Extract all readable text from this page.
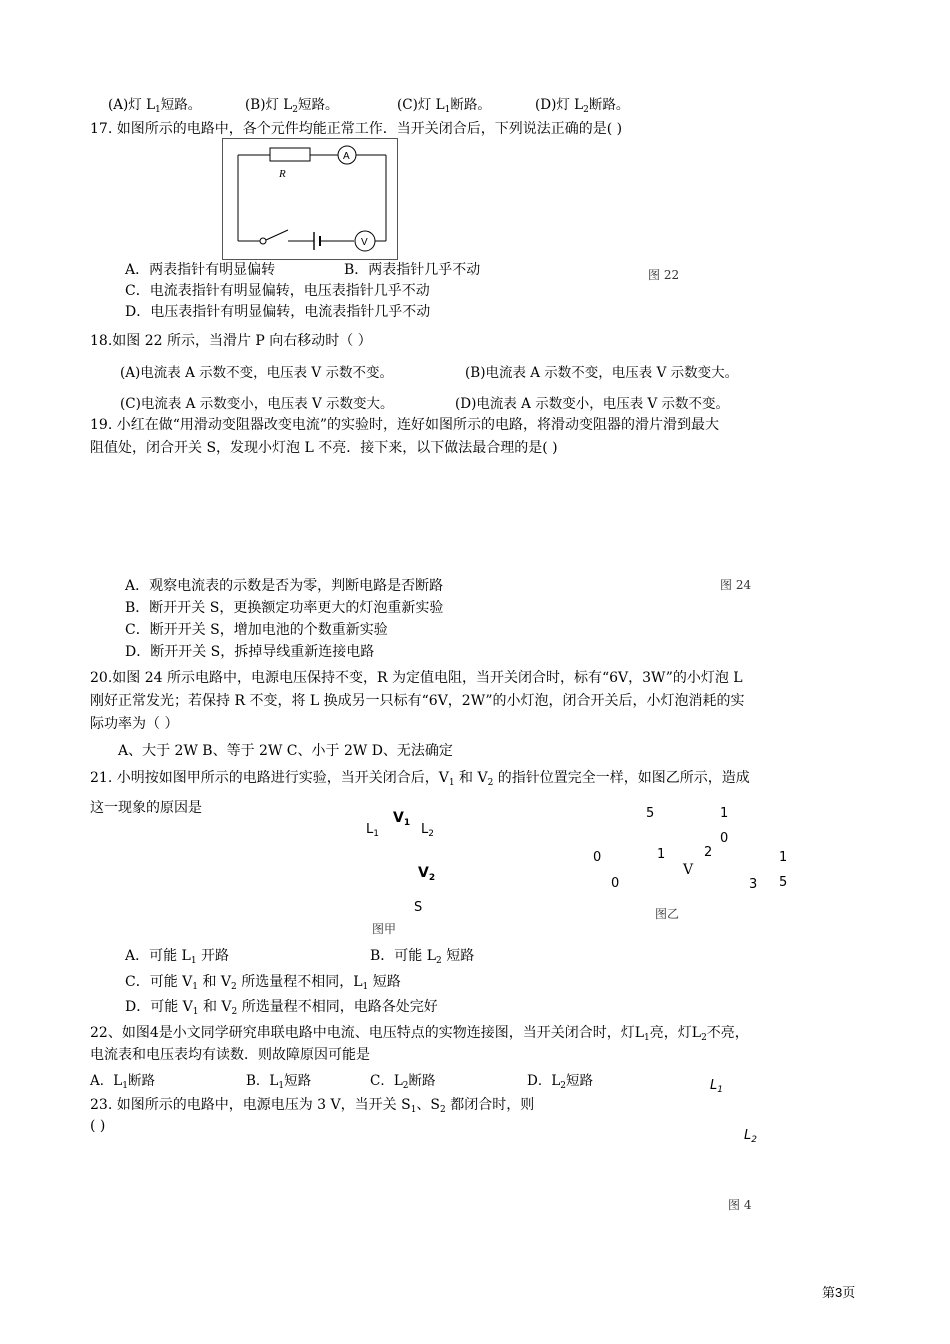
(A)灯 $L_1$短路。	(B)灯 $L_2$短路。	(C)灯 $L_1$断路。	(D)灯 $L_2$断路。
17. 如图所示的电路中，各个元件均能正常工作．当开关闭合后，下列说法正确的是( )
R
A
V
A．两表指针有明显偏转	B．两表指针几乎不动	图 22
C．电流表指针有明显偏转，电压表指针几乎不动
D．电压表指针有明显偏转，电流表指针几乎不动
18.如图 22 所示，当滑片 P 向右移动时（ ）
(A)电流表 A 示数不变，电压表 V 示数不变。	(B)电流表 A 示数不变，电压表 V 示数变大。
(C)电流表 A 示数变小，电压表 V 示数变大。	(D)电流表 A 示数变小，电压表 V 示数不变。
19. 小红在做“用滑动变阻器改变电流”的实验时，连好如图所示的电路，将滑动变阻器的滑片滑到最大
阻值处，闭合开关 S，发现小灯泡 L 不亮．接下来，以下做法最合理的是( )
A．观察电流表的示数是否为零，判断电路是否断路	图 24
B．断开开关 S，更换额定功率更大的灯泡重新实验
C．断开开关 S，增加电池的个数重新实验
D．断开开关 S，拆掉导线重新连接电路
20.如图 24 所示电路中，电源电压保持不变，R 为定值电阻，当开关闭合时，标有“6V，3W”的小灯泡 L
刚好正常发光；若保持 R 不变，将 L 换成另一只标有“6V，2W”的小灯泡，闭合开关后，小灯泡消耗的实
际功率为（ ）
A、大于 2W B、等于 2W C、小于 2W D、无法确定
21. 小明按如图甲所示的电路进行实验，当开关闭合后，$V_1$ 和 $V_2$ 的指针位置完全一样，如图乙所示，造成
这一现象的原因是
$L_1$
$V_1$ $L_2$
$V_2$
S
图甲
5	1
0
0	1	2	1
0
V
3 5
图乙
A．可能 $L_1$ 开路	B．可能 $L_2$ 短路
C．可能 $V_1$ 和 $V_2$ 所选量程不相同，$L_1$ 短路
D．可能 $V_1$ 和 $V_2$ 所选量程不相同，电路各处完好
22、如图4是小文同学研究串联电路中电流、电压特点的实物连接图，当开关闭合时，灯$L_1$亮，灯$L_2$不亮，
电流表和电压表均有读数．则故障原因可能是
A．$L_1$断路	B．$L_1$短路	C．$L_2$断路	D．$L_2$短路	$L_1$
$L_2$
图 4
23. 如图所示的电路中，电源电压为 3 V，当开关 $S_1$、$S_2$ 都闭合时，则
( )
第3页
